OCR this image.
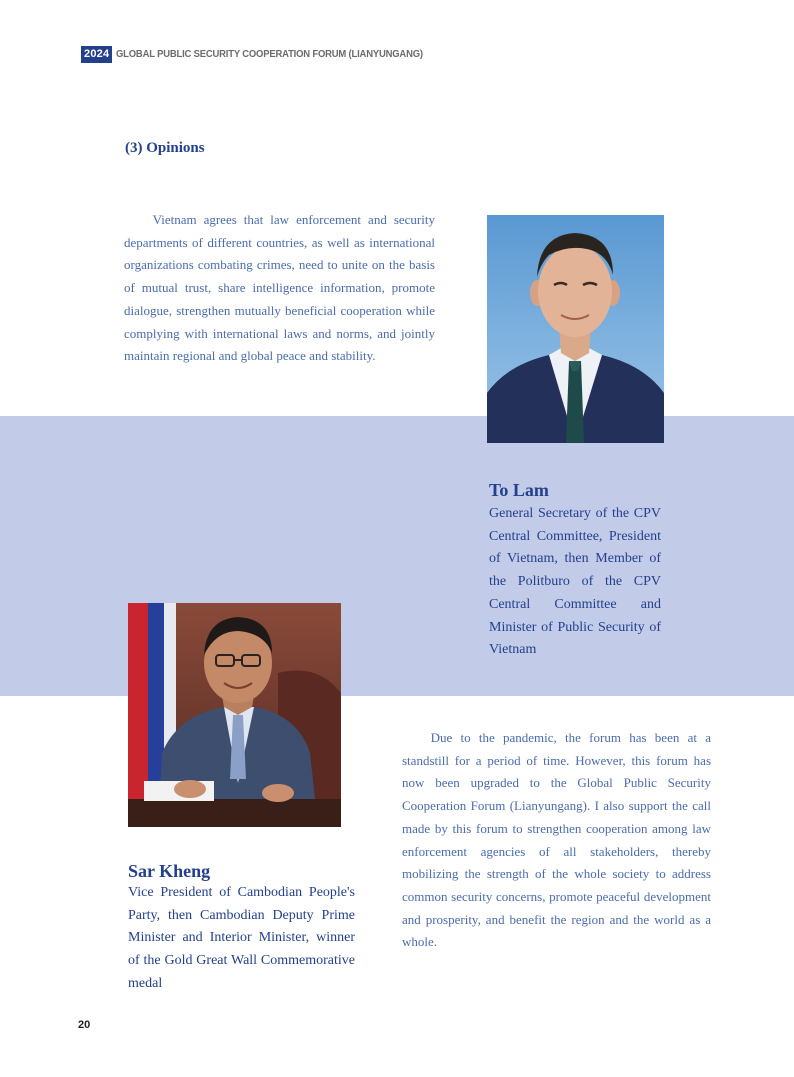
2024 GLOBAL PUBLIC SECURITY COOPERATION FORUM (LIANYUNGANG)
(3) Opinions

Vietnam agrees that law enforcement and security departments of different countries, as well as international organizations combating crimes, need to unite on the basis of mutual trust, share intelligence information, promote dialogue, strengthen mutually beneficial cooperation while complying with international laws and norms, and jointly maintain regional and global peace and stability.

To Lam

General Secretary of the CPV Central Committee, President of Vietnam, then Member of the Politburo of the CPV Central Committee and Minister of Public Security of Vietnam

Sar Kheng

Vice President of Cambodian People's Party, then Cambodian Deputy Prime Minister and Interior Minister, winner of the Gold Great Wall Commemorative medal

Due to the pandemic, the forum has been at a standstill for a period of time. However, this forum has now been upgraded to the Global Public Security Cooperation Forum (Lianyungang). I also support the call made by this forum to strengthen cooperation among law enforcement agencies of all stakeholders, thereby mobilizing the strength of the whole society to address common security concerns, promote peaceful development and prosperity, and benefit the region and the world as a whole.

20
